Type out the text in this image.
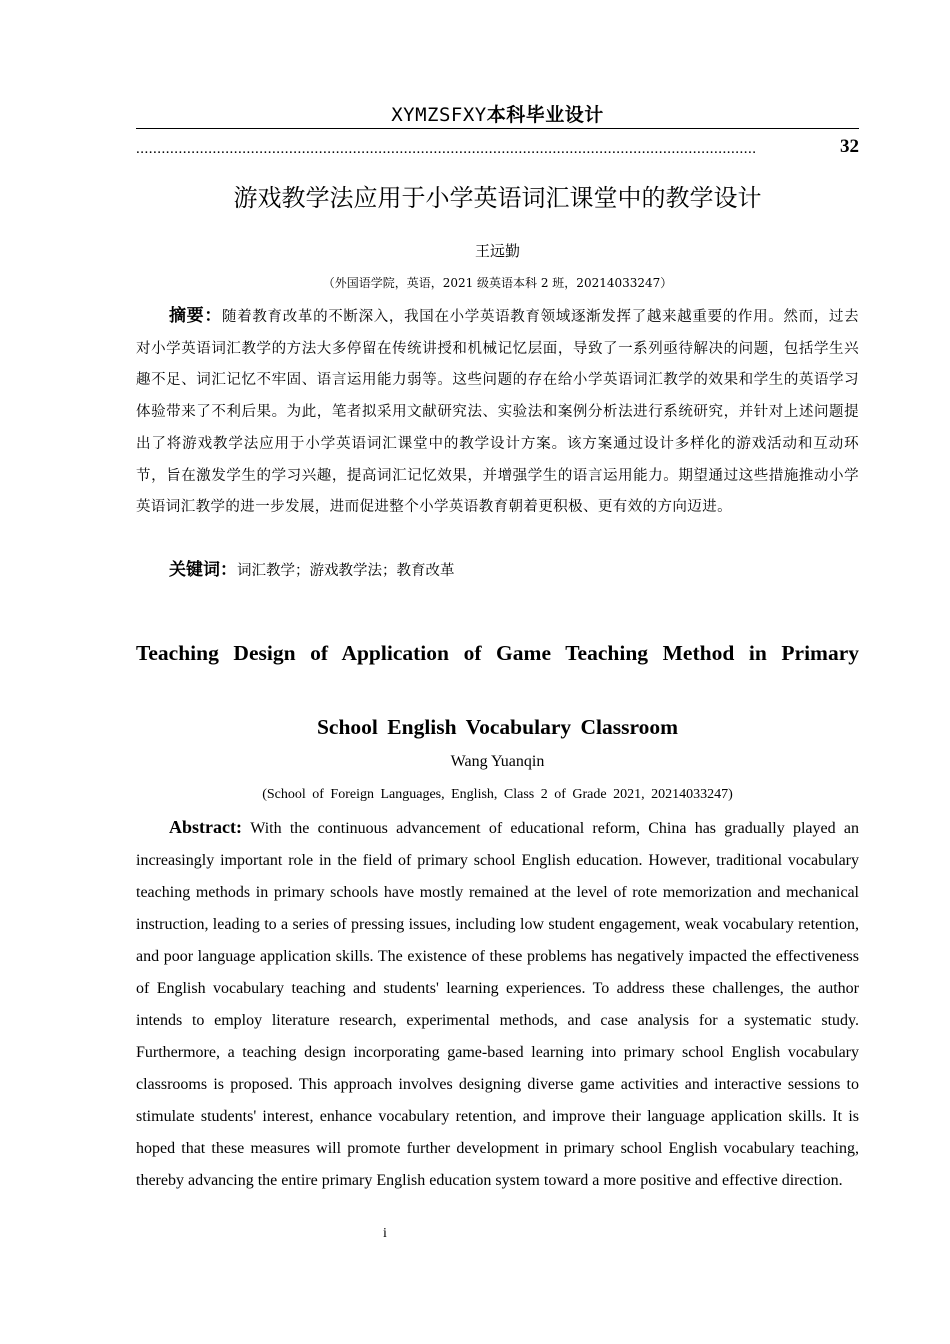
XYMZSFXY本科毕业设计
..................................................................................................................................................	32
游戏教学法应用于小学英语词汇课堂中的教学设计
王远勤
（外国语学院，英语，2021 级英语本科 2 班，20214033247）
摘要：随着教育改革的不断深入，我国在小学英语教育领域逐渐发挥了越来越重要的作用。然而，过去对小学英语词汇教学的方法大多停留在传统讲授和机械记忆层面，导致了一系列亟待解决的问题，包括学生兴趣不足、词汇记忆不牢固、语言运用能力弱等。这些问题的存在给小学英语词汇教学的效果和学生的英语学习体验带来了不利后果。为此，笔者拟采用文献研究法、实验法和案例分析法进行系统研究，并针对上述问题提出了将游戏教学法应用于小学英语词汇课堂中的教学设计方案。该方案通过设计多样化的游戏活动和互动环节，旨在激发学生的学习兴趣，提高词汇记忆效果，并增强学生的语言运用能力。期望通过这些措施推动小学英语词汇教学的进一步发展，进而促进整个小学英语教育朝着更积极、更有效的方向迈进。
关键词：词汇教学；游戏教学法；教育改革
Teaching Design of Application of Game Teaching Method in Primary
School English Vocabulary Classroom
Wang Yuanqin
(School of Foreign Languages, English, Class 2 of Grade 2021, 20214033247)
Abstract: With the continuous advancement of educational reform, China has gradually played an increasingly important role in the field of primary school English education. However, traditional vocabulary teaching methods in primary schools have mostly remained at the level of rote memorization and mechanical instruction, leading to a series of pressing issues, including low student engagement, weak vocabulary retention, and poor language application skills. The existence of these problems has negatively impacted the effectiveness of English vocabulary teaching and students' learning experiences. To address these challenges, the author intends to employ literature research, experimental methods, and case analysis for a systematic study. Furthermore, a teaching design incorporating game-based learning into primary school English vocabulary classrooms is proposed. This approach involves designing diverse game activities and interactive sessions to stimulate students' interest, enhance vocabulary retention, and improve their language application skills. It is hoped that these measures will promote further development in primary school English vocabulary teaching, thereby advancing the entire primary English education system toward a more positive and effective direction.
i
